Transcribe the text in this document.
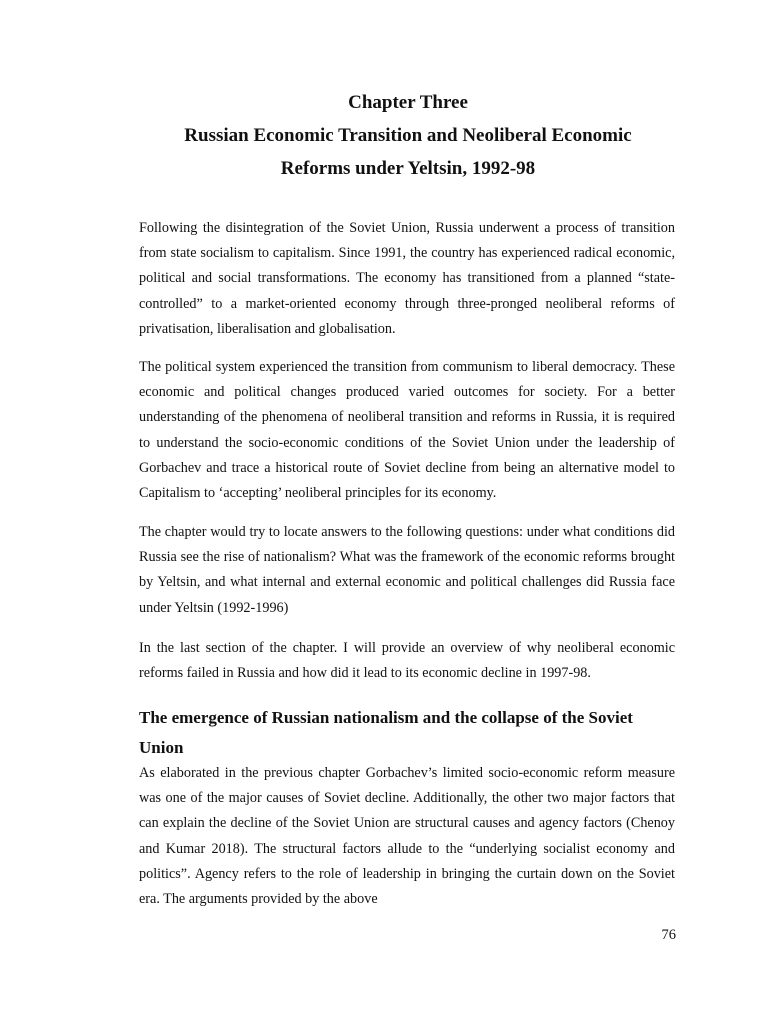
Chapter Three
Russian Economic Transition and Neoliberal Economic
Reforms under Yeltsin, 1992-98

Following the disintegration of the Soviet Union, Russia underwent a process of transition from state socialism to capitalism. Since 1991, the country has experienced radical economic, political and social transformations. The economy has transitioned from a planned “state-controlled” to a market-oriented economy through three-pronged neoliberal reforms of privatisation, liberalisation and globalisation.

The political system experienced the transition from communism to liberal democracy. These economic and political changes produced varied outcomes for society. For a better understanding of the phenomena of neoliberal transition and reforms in Russia, it is required to understand the socio-economic conditions of the Soviet Union under the leadership of Gorbachev and trace a historical route of Soviet decline from being an alternative model to Capitalism to ‘accepting’ neoliberal principles for its economy.

The chapter would try to locate answers to the following questions: under what conditions did Russia see the rise of nationalism? What was the framework of the economic reforms brought by Yeltsin, and what internal and external economic and political challenges did Russia face under Yeltsin (1992-1996)

In the last section of the chapter. I will provide an overview of why neoliberal economic reforms failed in Russia and how did it lead to its economic decline in 1997-98.

The emergence of Russian nationalism and the collapse of the Soviet Union

As elaborated in the previous chapter Gorbachev’s limited socio-economic reform measure was one of the major causes of Soviet decline. Additionally, the other two major factors that can explain the decline of the Soviet Union are structural causes and agency factors (Chenoy and Kumar 2018). The structural factors allude to the “underlying socialist economy and politics”. Agency refers to the role of leadership in bringing the curtain down on the Soviet era. The arguments provided by the above

76
